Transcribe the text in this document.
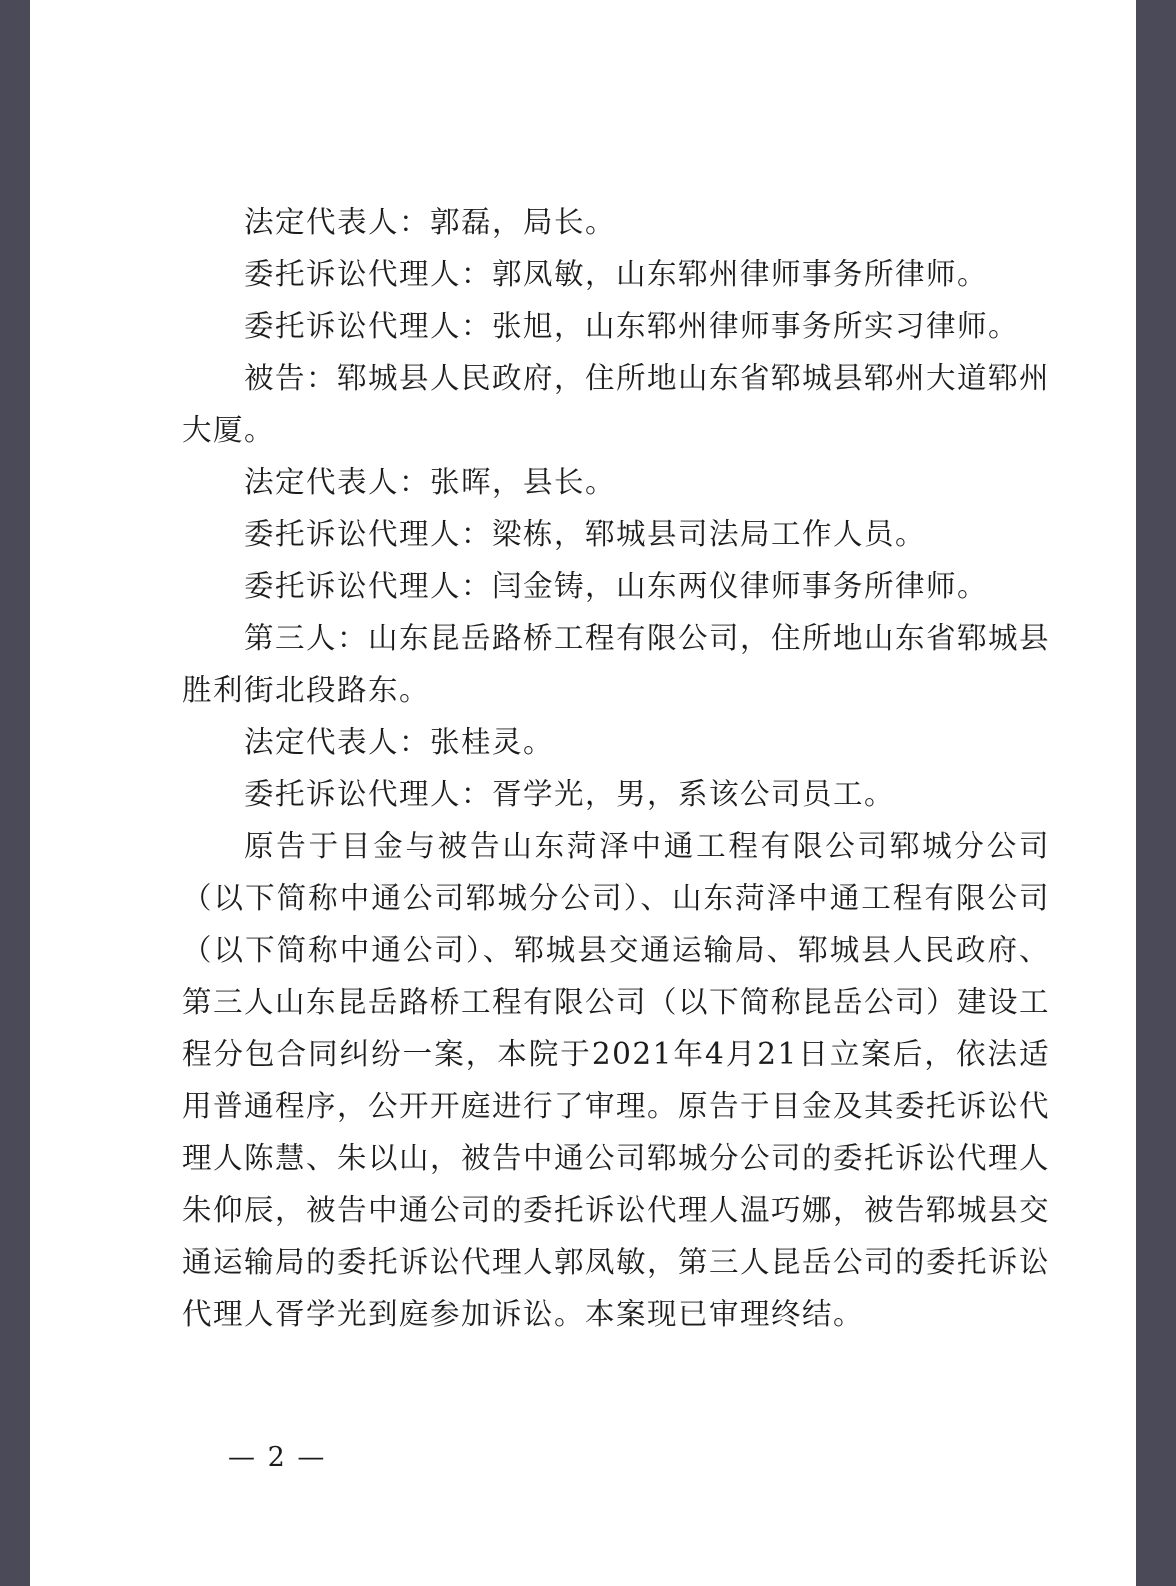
法定代表人：郭磊，局长。

委托诉讼代理人：郭凤敏，山东郓州律师事务所律师。

委托诉讼代理人：张旭，山东郓州律师事务所实习律师。

被告：郓城县人民政府，住所地山东省郓城县郓州大道郓州大厦。

法定代表人：张晖，县长。

委托诉讼代理人：梁栋，郓城县司法局工作人员。

委托诉讼代理人：闫金铸，山东两仪律师事务所律师。

第三人：山东昆岳路桥工程有限公司，住所地山东省郓城县胜利街北段路东。

法定代表人：张桂灵。

委托诉讼代理人：胥学光，男，系该公司员工。

原告于目金与被告山东菏泽中通工程有限公司郓城分公司（以下简称中通公司郓城分公司）、山东菏泽中通工程有限公司（以下简称中通公司）、郓城县交通运输局、郓城县人民政府、第三人山东昆岳路桥工程有限公司（以下简称昆岳公司）建设工程分包合同纠纷一案，本院于2021年4月21日立案后，依法适用普通程序，公开开庭进行了审理。原告于目金及其委托诉讼代理人陈慧、朱以山，被告中通公司郓城分公司的委托诉讼代理人朱仰辰，被告中通公司的委托诉讼代理人温巧娜，被告郓城县交通运输局的委托诉讼代理人郭凤敏，第三人昆岳公司的委托诉讼代理人胥学光到庭参加诉讼。本案现已审理终结。

— 2 —
